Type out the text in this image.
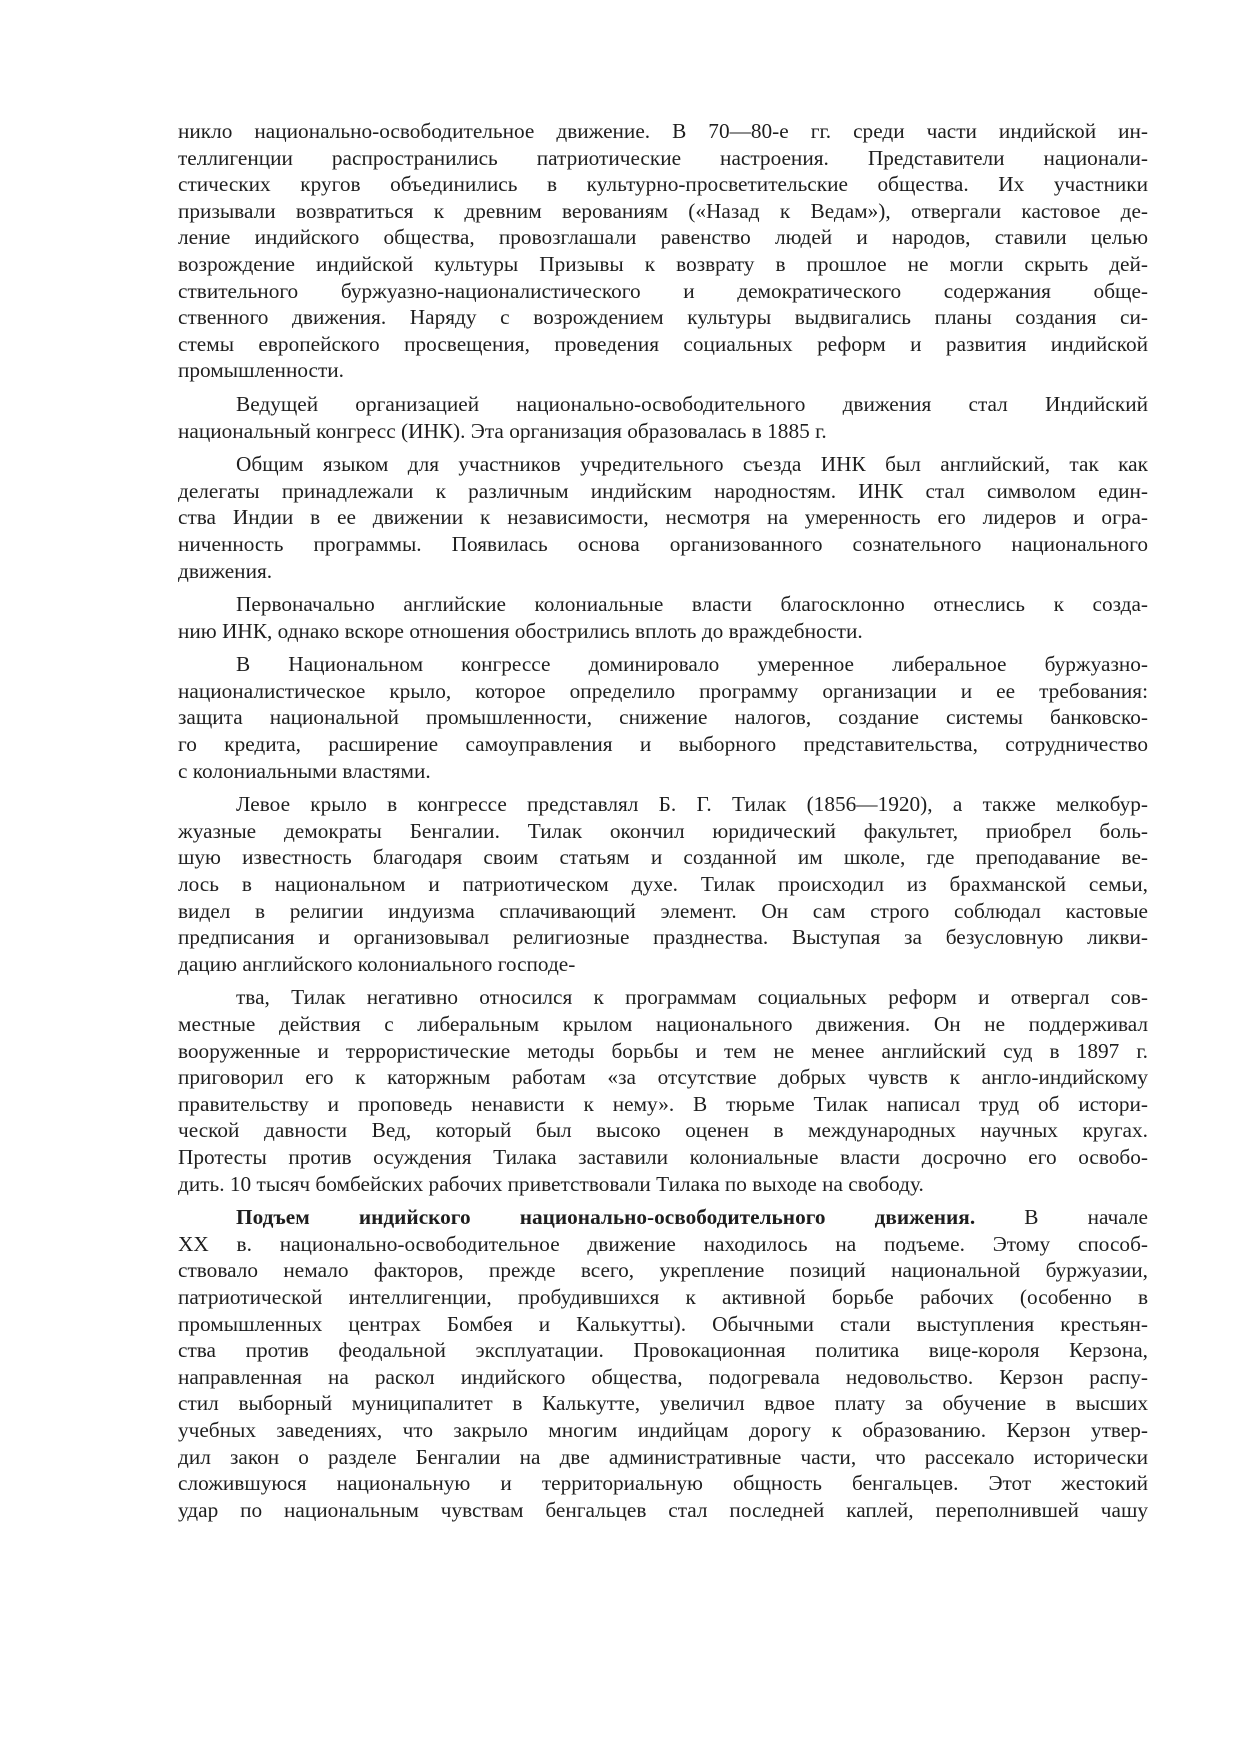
никло национально-освободительное движение. В 70—80-е гг. среди части индийской ин-
теллигенции распространились патриотические настроения. Представители национали-
стических кругов объединились в культурно-просветительские общества. Их участники
призывали возвратиться к древним верованиям («Назад к Ведам»), отвергали кастовое де-
ление индийского общества, провозглашали равенство людей и народов, ставили целью
возрождение индийской культуры Призывы к возврату в прошлое не могли скрыть дей-
ствительного буржуазно-националистического и демократического содержания обще-
ственного движения. Наряду с возрождением культуры выдвигались планы создания си-
стемы европейского просвещения, проведения социальных реформ и развития индийской
промышленности.
Ведущей организацией национально-освободительного движения стал Индийский
национальный конгресс (ИНК). Эта организация образовалась в 1885 г.
Общим языком для участников учредительного съезда ИНК был английский, так как
делегаты принадлежали к различным индийским народностям. ИНК стал символом един-
ства Индии в ее движении к независимости, несмотря на умеренность его лидеров и огра-
ниченность программы. Появилась основа организованного сознательного национального
движения.
Первоначально английские колониальные власти благосклонно отнеслись к созда-
нию ИНК, однако вскоре отношения обострились вплоть до враждебности.
В Национальном конгрессе доминировало умеренное либеральное буржуазно-
националистическое крыло, которое определило программу организации и ее требования:
защита национальной промышленности, снижение налогов, создание системы банковско-
го кредита, расширение самоуправления и выборного представительства, сотрудничество
с колониальными властями.
Левое крыло в конгрессе представлял Б. Г. Тилак (1856—1920), а также мелкобур-
жуазные демократы Бенгалии. Тилак окончил юридический факультет, приобрел боль-
шую известность благодаря своим статьям и созданной им школе, где преподавание ве-
лось в национальном и патриотическом духе. Тилак происходил из брахманской семьи,
видел в религии индуизма сплачивающий элемент. Он сам строго соблюдал кастовые
предписания и организовывал религиозные празднества. Выступая за безусловную ликви-
дацию английского колониального господе-
тва, Тилак негативно относился к программам социальных реформ и отвергал сов-
местные действия с либеральным крылом национального движения. Он не поддерживал
вооруженные и террористические методы борьбы и тем не менее английский суд в 1897 г.
приговорил его к каторжным работам «за отсутствие добрых чувств к англо-индийскому
правительству и проповедь ненависти к нему». В тюрьме Тилак написал труд об истори-
ческой давности Вед, который был высоко оценен в международных научных кругах.
Протесты против осуждения Тилака заставили колониальные власти досрочно его освобо-
дить. 10 тысяч бомбейских рабочих приветствовали Тилака по выходе на свободу.
Подъем индийского национально-освободительного движения. В начале
XX в. национально-освободительное движение находилось на подъеме. Этому способ-
ствовало немало факторов, прежде всего, укрепление позиций национальной буржуазии,
патриотической интеллигенции, пробудившихся к активной борьбе рабочих (особенно в
промышленных центрах Бомбея и Калькутты). Обычными стали выступления крестьян-
ства против феодальной эксплуатации. Провокационная политика вице-короля Керзона,
направленная на раскол индийского общества, подогревала недовольство. Керзон распу-
стил выборный муниципалитет в Калькутте, увеличил вдвое плату за обучение в высших
учебных заведениях, что закрыло многим индийцам дорогу к образованию. Керзон утвер-
дил закон о разделе Бенгалии на две административные части, что рассекало исторически
сложившуюся национальную и территориальную общность бенгальцев. Этот жестокий
удар по национальным чувствам бенгальцев стал последней каплей, переполнившей чашу
